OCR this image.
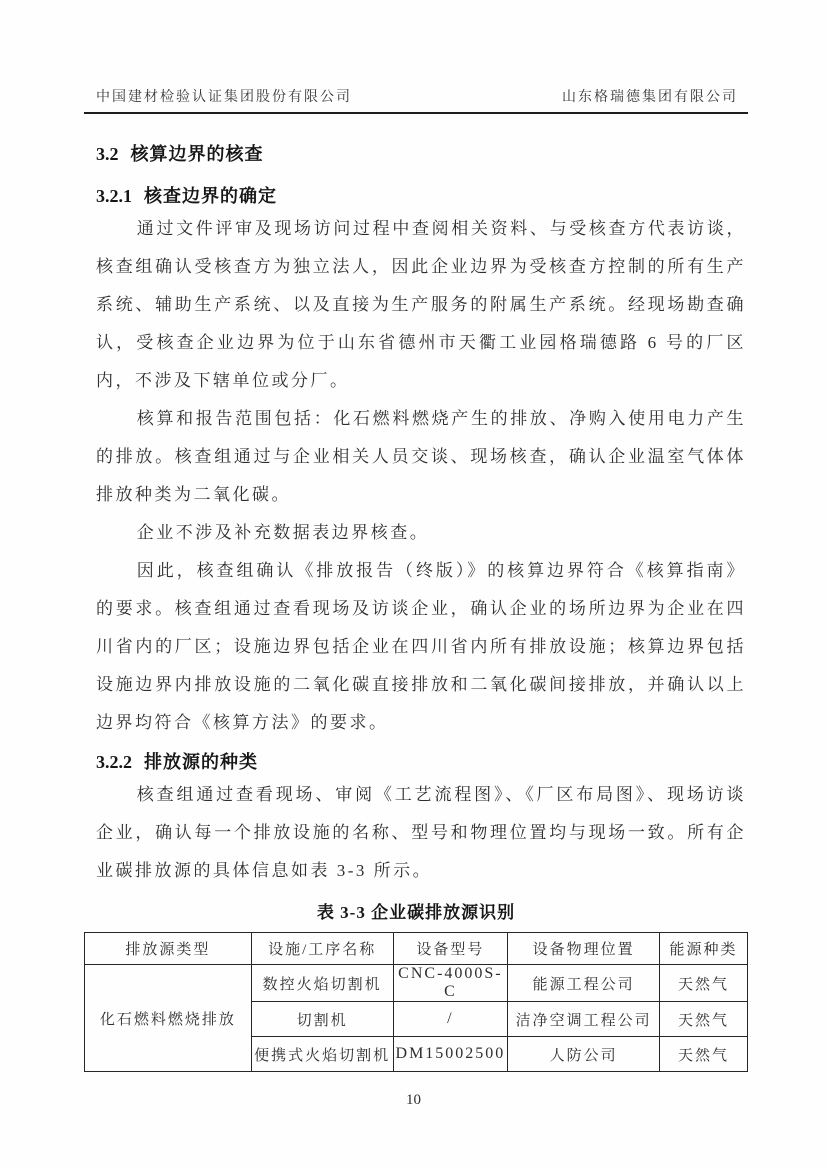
中国建材检验认证集团股份有限公司	山东格瑞德集团有限公司
3.2 核算边界的核查
3.2.1 核查边界的确定

通过文件评审及现场访问过程中查阅相关资料、与受核查方代表访谈，核查组确认受核查方为独立法人，因此企业边界为受核查方控制的所有生产系统、辅助生产系统、以及直接为生产服务的附属生产系统。经现场勘查确认，受核查企业边界为位于山东省德州市天衢工业园格瑞德路 6 号的厂区内，不涉及下辖单位或分厂。

核算和报告范围包括：化石燃料燃烧产生的排放、净购入使用电力产生的排放。核查组通过与企业相关人员交谈、现场核查，确认企业温室气体体排放种类为二氧化碳。

企业不涉及补充数据表边界核查。

因此，核查组确认《排放报告（终版）》的核算边界符合《核算指南》的要求。核查组通过查看现场及访谈企业，确认企业的场所边界为企业在四川省内的厂区；设施边界包括企业在四川省内所有排放设施；核算边界包括设施边界内排放设施的二氧化碳直接排放和二氧化碳间接排放，并确认以上边界均符合《核算方法》的要求。

3.2.2 排放源的种类

核查组通过查看现场、审阅《工艺流程图》、《厂区布局图》、现场访谈企业，确认每一个排放设施的名称、型号和物理位置均与现场一致。所有企业碳排放源的具体信息如表 3-3 所示。

表 3-3 企业碳排放源识别
排放源类型	设施/工序名称	设备型号	设备物理位置	能源种类
化石燃料燃烧排放	数控火焰切割机	CNC-4000S-C	能源工程公司	天然气
	切割机	/	洁净空调工程公司	天然气
	便携式火焰切割机	DM15002500	人防公司	天然气
10
